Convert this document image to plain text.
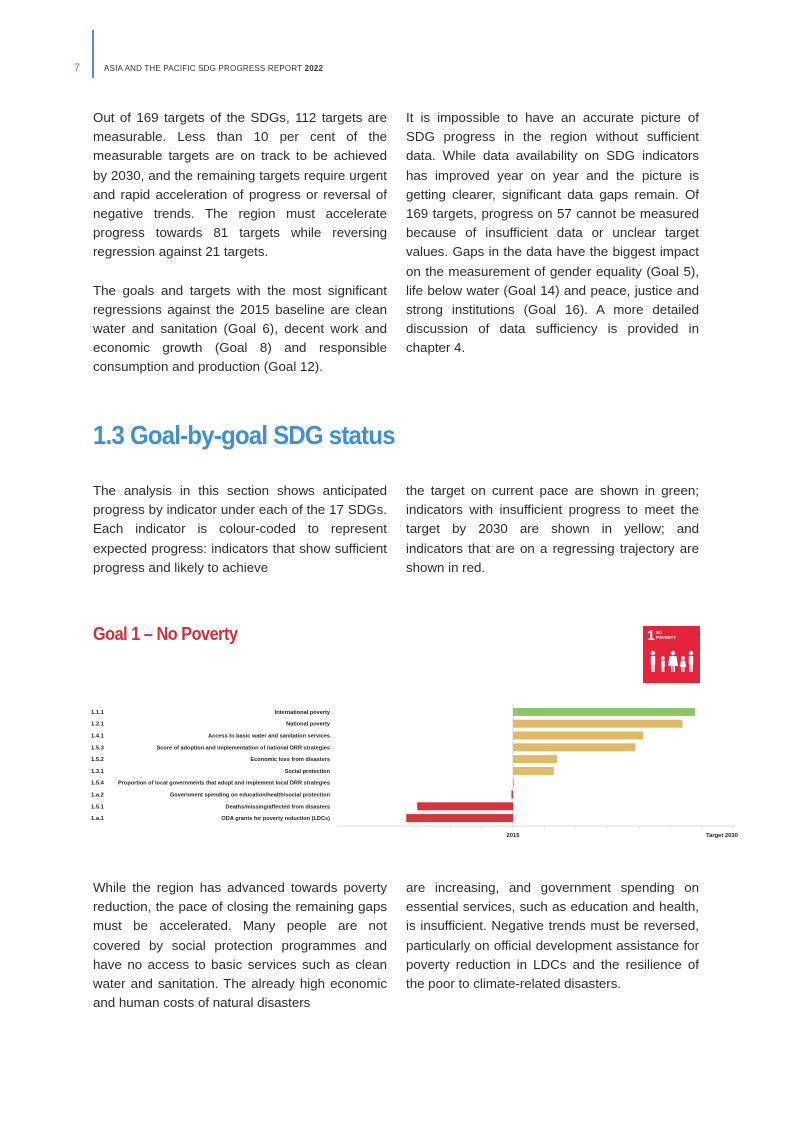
7	ASIA AND THE PACIFIC SDG PROGRESS REPORT 2022

Out of 169 targets of the SDGs, 112 targets are measurable. Less than 10 per cent of the measurable targets are on track to be achieved by 2030, and the remaining targets require urgent and rapid acceleration of progress or reversal of negative trends. The region must accelerate progress towards 81 targets while reversing regression against 21 targets.

The goals and targets with the most significant regressions against the 2015 baseline are clean water and sanitation (Goal 6), decent work and economic growth (Goal 8) and responsible consumption and production (Goal 12).

It is impossible to have an accurate picture of SDG progress in the region without sufficient data. While data availability on SDG indicators has improved year on year and the picture is getting clearer, significant data gaps remain. Of 169 targets, progress on 57 cannot be measured because of insufficient data or unclear target values. Gaps in the data have the biggest impact on the measurement of gender equality (Goal 5), life below water (Goal 14) and peace, justice and strong institutions (Goal 16). A more detailed discussion of data sufficiency is provided in chapter 4.

1.3 Goal-by-goal SDG status

The analysis in this section shows anticipated progress by indicator under each of the 17 SDGs. Each indicator is colour-coded to represent expected progress: indicators that show sufficient progress and likely to achieve

the target on current pace are shown in green; indicators with insufficient progress to meet the target by 2030 are shown in yellow; and indicators that are on a regressing trajectory are shown in red.

Goal 1 – No Poverty	1 NO
POVERTY
1.1.1	International poverty
1.2.1	National poverty
1.4.1	Access to basic water and sanitation services
1.5.3	Score of adoption and implementation of national DRR strategies
1.5.2	Economic loss from disasters
1.3.1	Social protection
1.5.4	Proportion of local governments that adopt and implement local DRR strategies
1.a.2	Government spending on education/health/social protection
1.5.1	Deaths/missing/affected from disasters
1.a.1	ODA grants for poverty reduction (LDCs)
2015	Target 2030

While the region has advanced towards poverty reduction, the pace of closing the remaining gaps must be accelerated. Many people are not covered by social protection programmes and have no access to basic services such as clean water and sanitation. The already high economic and human costs of natural disasters

are increasing, and government spending on essential services, such as education and health, is insufficient. Negative trends must be reversed, particularly on official development assistance for poverty reduction in LDCs and the resilience of the poor to climate-related disasters.
